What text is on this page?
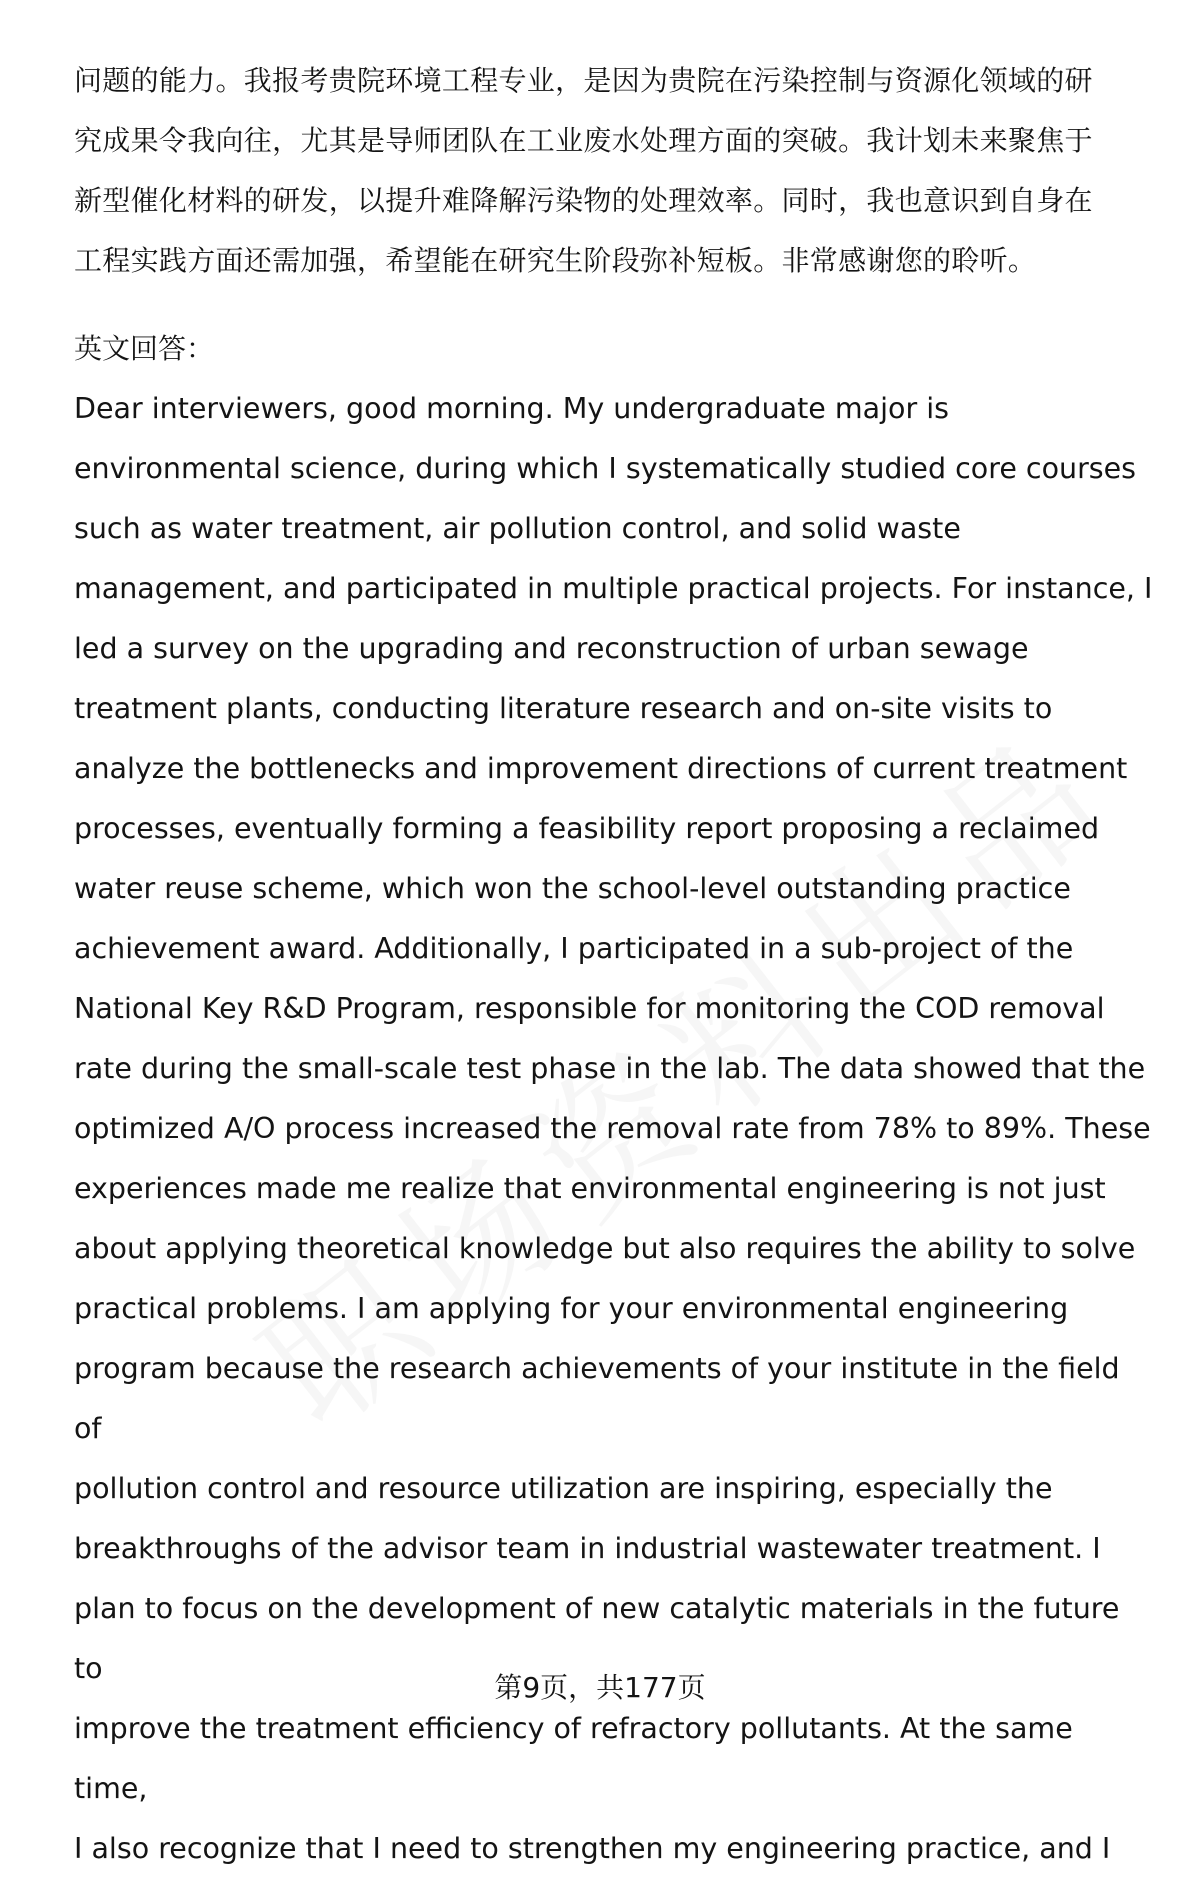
问题的能力。我报考贵院环境工程专业，是因为贵院在污染控制与资源化领域的研
究成果令我向往，尤其是导师团队在工业废水处理方面的突破。我计划未来聚焦于
新型催化材料的研发，以提升难降解污染物的处理效率。同时，我也意识到自身在
工程实践方面还需加强，希望能在研究生阶段弥补短板。非常感谢您的聆听。

英文回答：

Dear interviewers, good morning. My undergraduate major is
environmental science, during which I systematically studied core courses
such as water treatment, air pollution control, and solid waste
management, and participated in multiple practical projects. For instance, I
led a survey on the upgrading and reconstruction of urban sewage
treatment plants, conducting literature research and on-site visits to
analyze the bottlenecks and improvement directions of current treatment
processes, eventually forming a feasibility report proposing a reclaimed
water reuse scheme, which won the school-level outstanding practice
achievement award. Additionally, I participated in a sub-project of the
National Key R&D Program, responsible for monitoring the COD removal
rate during the small-scale test phase in the lab. The data showed that the
optimized A/O process increased the removal rate from 78% to 89%. These
experiences made me realize that environmental engineering is not just
about applying theoretical knowledge but also requires the ability to solve
practical problems. I am applying for your environmental engineering
program because the research achievements of your institute in the field of
pollution control and resource utilization are inspiring, especially the
breakthroughs of the advisor team in industrial wastewater treatment. I
plan to focus on the development of new catalytic materials in the future to
improve the treatment efficiency of refractory pollutants. At the same time,
I also recognize that I need to strengthen my engineering practice, and I

第9页，共177页
